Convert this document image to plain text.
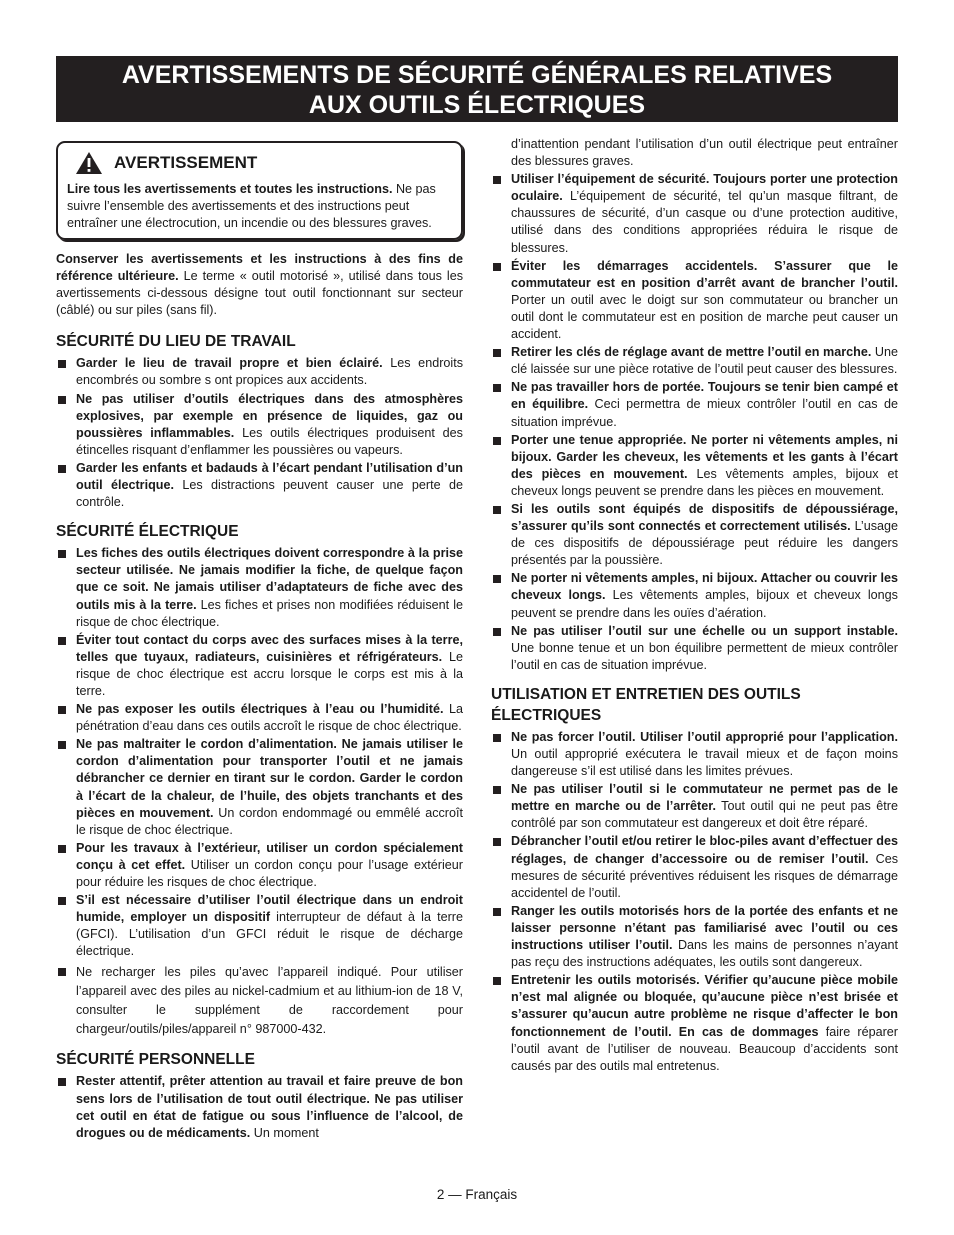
AVERTISSEMENTS DE SÉCURITÉ GÉNÉRALES RELATIVES
AUX OUTILS ÉLECTRIQUES
AVERTISSEMENT

Lire tous les avertissements et toutes les instructions. Ne pas suivre l’ensemble des avertissements et des instructions peut entraîner une électrocution, un incendie ou des blessures graves.

Conserver les avertissements et les instructions à des fins de référence ultérieure. Le terme « outil motorisé », utilisé dans tous les avertissements ci-dessous désigne tout outil fonctionnant sur secteur (câblé) ou sur piles (sans fil).

SÉCURITÉ DU LIEU DE TRAVAIL
Garder le lieu de travail propre et bien éclairé. Les endroits encombrés ou sombre s ont propices aux accidents.
Ne pas utiliser d’outils électriques dans des atmosphères explosives, par exemple en présence de liquides, gaz ou poussières inflammables. Les outils électriques produisent des étincelles risquant d’enflammer les poussières ou vapeurs.
Garder les enfants et badauds à l’écart pendant l’utilisation d’un outil électrique. Les distractions peuvent causer une perte de contrôle.
SÉCURITÉ ÉLECTRIQUE
Les fiches des outils électriques doivent correspondre à la prise secteur utilisée. Ne jamais modifier la fiche, de quelque façon que ce soit. Ne jamais utiliser d’adaptateurs de fiche avec des outils mis à la terre. Les fiches et prises non modifiées réduisent le risque de choc électrique.
Éviter tout contact du corps avec des surfaces mises à la terre, telles que tuyaux, radiateurs, cuisinières et réfrigérateurs. Le risque de choc électrique est accru lorsque le corps est mis à la terre.
Ne pas exposer les outils électriques à l’eau ou l’humidité. La pénétration d’eau dans ces outils accroît le risque de choc électrique.
Ne pas maltraiter le cordon d’alimentation. Ne jamais utiliser le cordon d’alimentation pour transporter l’outil et ne jamais débrancher ce dernier en tirant sur le cordon. Garder le cordon à l’écart de la chaleur, de l’huile, des objets tranchants et des pièces en mouvement. Un cordon endommagé ou emmêlé accroît le risque de choc électrique.
Pour les travaux à l’extérieur, utiliser un cordon spécialement conçu à cet effet. Utiliser un cordon conçu pour l’usage extérieur pour réduire les risques de choc électrique.
S’il est nécessaire d’utiliser l’outil électrique dans un endroit humide, employer un dispositif interrupteur de défaut à la terre (GFCI). L’utilisation d’un GFCI réduit le risque de décharge électrique.
Ne recharger les piles qu’avec l’appareil indiqué. Pour utiliser l’appareil avec des piles au nickel-cadmium et au lithium-ion de 18 V, consulter le supplément de raccordement pour chargeur/outils/piles/appareil n° 987000-432.
SÉCURITÉ PERSONNELLE
Rester attentif, prêter attention au travail et faire preuve de bon sens lors de l’utilisation de tout outil électrique. Ne pas utiliser cet outil en état de fatigue ou sous l’influence de l’alcool, de drogues ou de médicaments. Un moment

d’inattention pendant l’utilisation d’un outil électrique peut entraîner des blessures graves.

Utiliser l’équipement de sécurité. Toujours porter une protection oculaire. L’équipement de sécurité, tel qu’un masque filtrant, de chaussures de sécurité, d’un casque ou d’une protection auditive, utilisé dans des conditions appropriées réduira le risque de blessures.
Éviter les démarrages accidentels. S’assurer que le commutateur est en position d’arrêt avant de brancher l’outil. Porter un outil avec le doigt sur son commutateur ou brancher un outil dont le commutateur est en position de marche peut causer un accident.
Retirer les clés de réglage avant de mettre l’outil en marche. Une clé laissée sur une pièce rotative de l’outil peut causer des blessures.
Ne pas travailler hors de portée. Toujours se tenir bien campé et en équilibre. Ceci permettra de mieux contrôler l’outil en cas de situation imprévue.
Porter une tenue appropriée. Ne porter ni vêtements amples, ni bijoux. Garder les cheveux, les vêtements et les gants à l’écart des pièces en mouvement. Les vêtements amples, bijoux et cheveux longs peuvent se prendre dans les pièces en mouvement.
Si les outils sont équipés de dispositifs de dépoussiérage, s’assurer qu’ils sont connectés et correctement utilisés. L’usage de ces dispositifs de dépoussiérage peut réduire les dangers présentés par la poussière.
Ne porter ni vêtements amples, ni bijoux. Attacher ou couvrir les cheveux longs. Les vêtements amples, bijoux et cheveux longs peuvent se prendre dans les ouïes d’aération.
Ne pas utiliser l’outil sur une échelle ou un support instable. Une bonne tenue et un bon équilibre permettent de mieux contrôler l’outil en cas de situation imprévue.
UTILISATION ET ENTRETIEN DES OUTILS ÉLECTRIQUES
Ne pas forcer l’outil. Utiliser l’outil approprié pour l’application. Un outil approprié exécutera le travail mieux et de façon moins dangereuse s’il est utilisé dans les limites prévues.
Ne pas utiliser l’outil si le commutateur ne permet pas de le mettre en marche ou de l’arrêter. Tout outil qui ne peut pas être contrôlé par son commutateur est dangereux et doit être réparé.
Débrancher l’outil et/ou retirer le bloc-piles avant d’effectuer des réglages, de changer d’accessoire ou de remiser l’outil. Ces mesures de sécurité préventives réduisent les risques de démarrage accidentel de l’outil.
Ranger les outils motorisés hors de la portée des enfants et ne laisser personne n’étant pas familiarisé avec l’outil ou ces instructions utiliser l’outil. Dans les mains de personnes n’ayant pas reçu des instructions adéquates, les outils sont dangereux.
Entretenir les outils motorisés. Vérifier qu’aucune pièce mobile n’est mal alignée ou bloquée, qu’aucune pièce n’est brisée et s’assurer qu’aucun autre problème ne risque d’affecter le bon fonctionnement de l’outil. En cas de dommages faire réparer l’outil avant de l’utiliser de nouveau. Beaucoup d’accidents sont causés par des outils mal entretenus.
2 — Français
